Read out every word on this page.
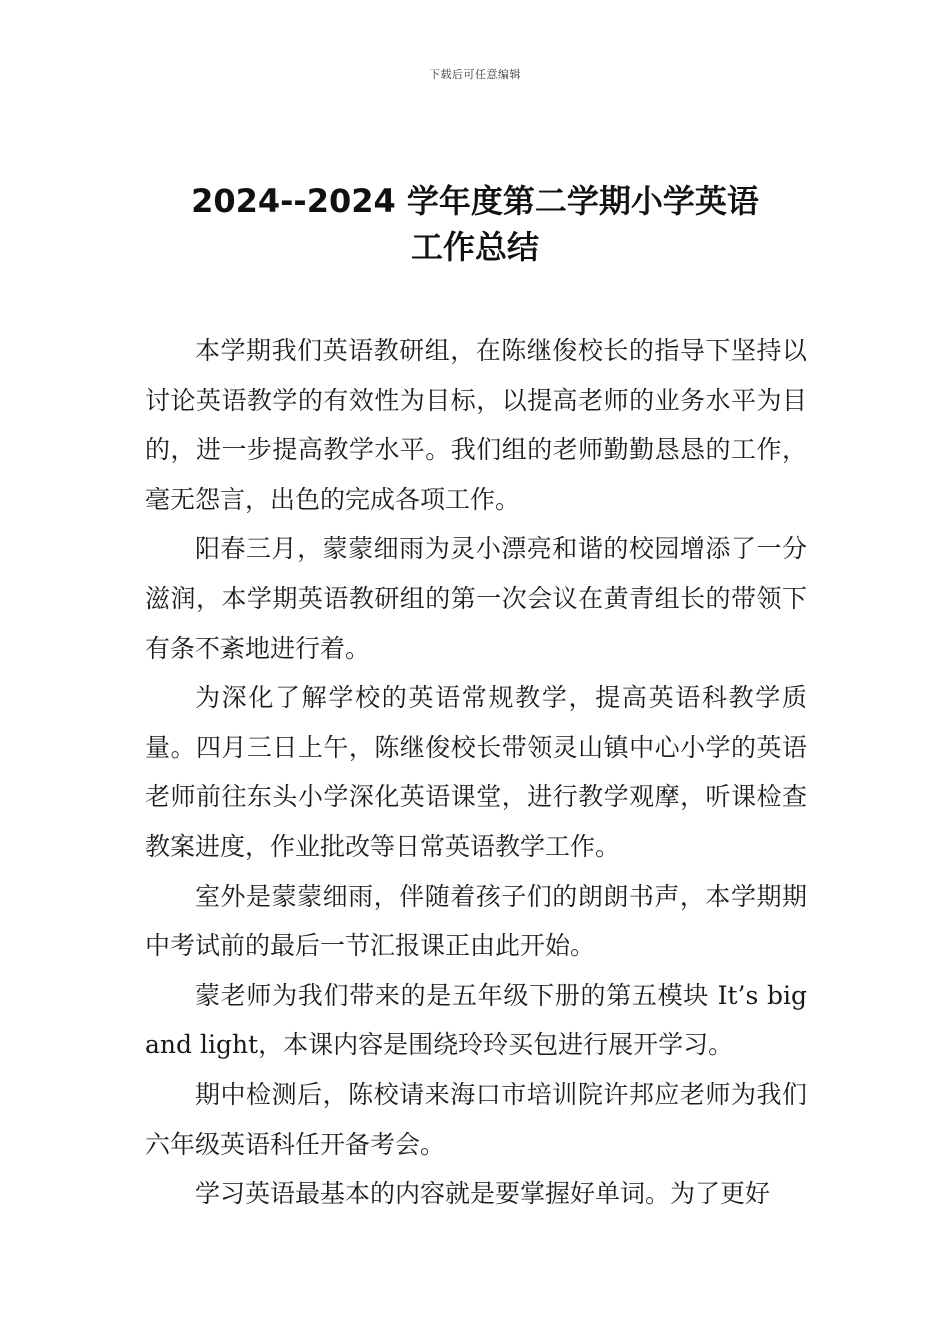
下载后可任意编辑
2024--2024 学年度第二学期小学英语
工作总结

本学期我们英语教研组，在陈继俊校长的指导下坚持以讨论英语教学的有效性为目标，以提高老师的业务水平为目的，进一步提高教学水平。我们组的老师勤勤恳恳的工作，毫无怨言，出色的完成各项工作。

阳春三月，蒙蒙细雨为灵小漂亮和谐的校园增添了一分滋润，本学期英语教研组的第一次会议在黄青组长的带领下有条不紊地进行着。

为深化了解学校的英语常规教学，提高英语科教学质量。四月三日上午，陈继俊校长带领灵山镇中心小学的英语老师前往东头小学深化英语课堂，进行教学观摩，听课检查教案进度，作业批改等日常英语教学工作。

室外是蒙蒙细雨，伴随着孩子们的朗朗书声，本学期期中考试前的最后一节汇报课正由此开始。

蒙老师为我们带来的是五年级下册的第五模块 It’s big and light，本课内容是围绕玲玲买包进行展开学习。

期中检测后，陈校请来海口市培训院许邦应老师为我们六年级英语科任开备考会。

学习英语最基本的内容就是要掌握好单词。为了更好
